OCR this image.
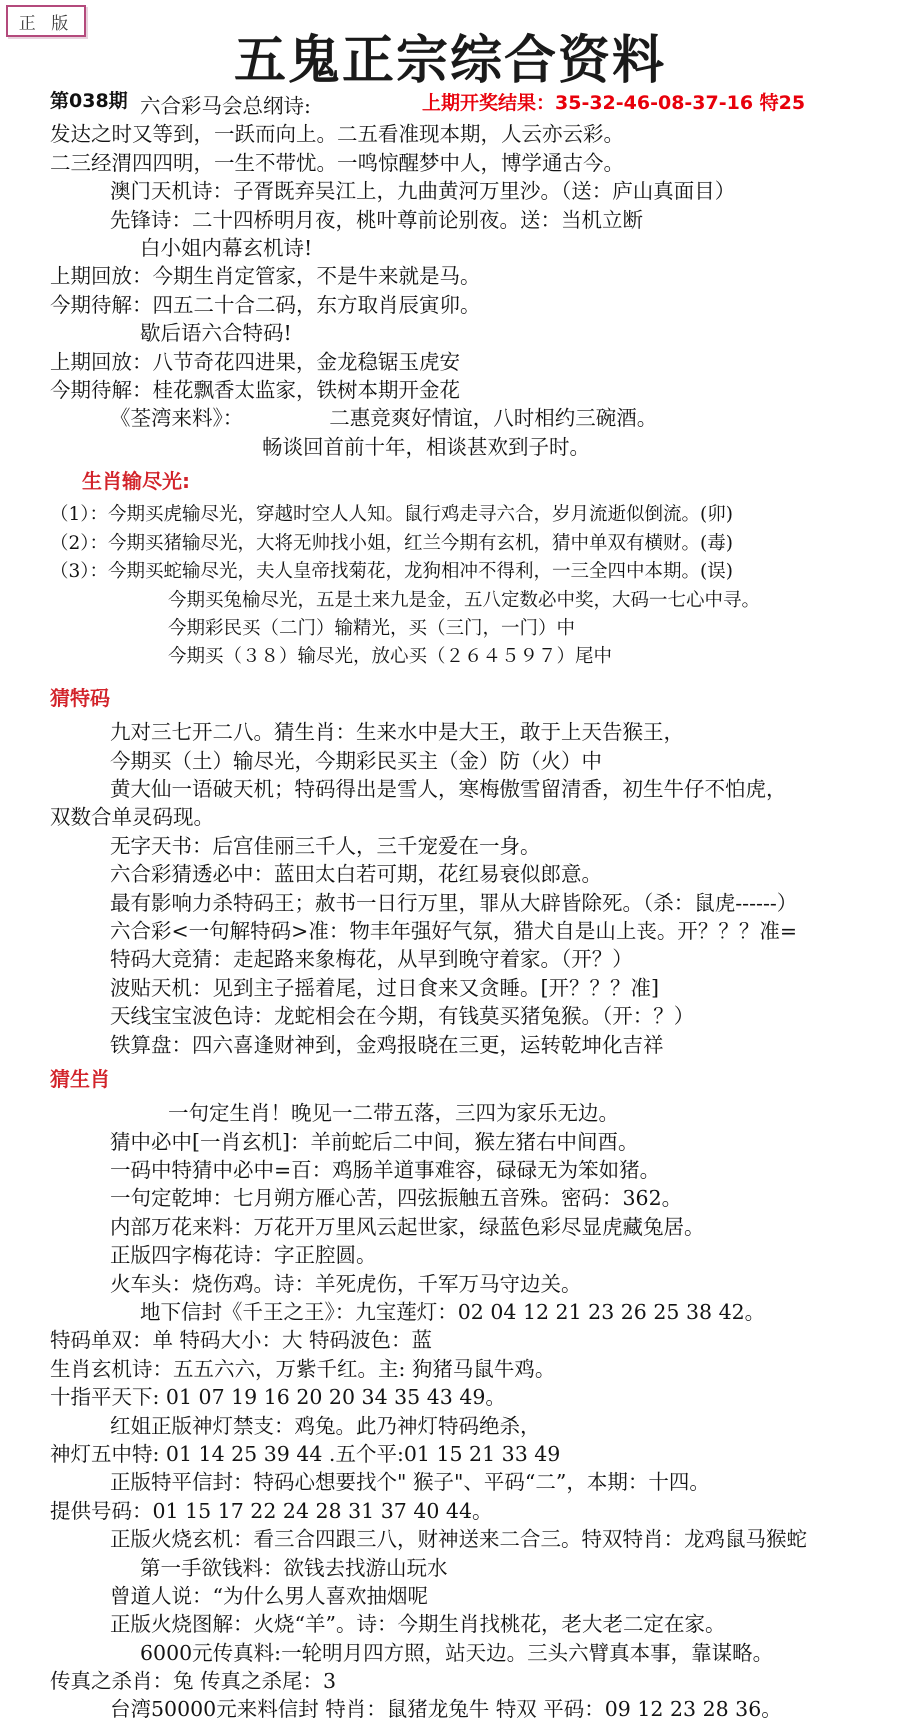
正 版
五鬼正宗综合资料
第038期	上期开奖结果：35-32-46-08-37-16 特25
六合彩马会总纲诗:
发达之时又等到，一跃而向上。二五看准现本期，人云亦云彩。
二三经渭四四明，一生不带忧。一鸣惊醒梦中人，博学通古今。
澳门天机诗：子胥既弃吴江上，九曲黄河万里沙。（送：庐山真面目）
先锋诗：二十四桥明月夜，桃叶尊前论别夜。送：当机立断
白小姐内幕玄机诗!
上期回放：今期生肖定管家，不是牛来就是马。
今期待解：四五二十合二码，东方取肖辰寅卯。
歇后语六合特码!
上期回放：八节奇花四进果，金龙稳锯玉虎安
今期待解：桂花飘香太监家，铁树本期开金花
《荃湾来料》：	二惠竞爽好情谊，八时相约三碗酒。
畅谈回首前十年，相谈甚欢到子时。
生肖输尽光:
（1）：今期买虎输尽光，穿越时空人人知。鼠行鸡走寻六合，岁月流逝似倒流。(卯)
（2）：今期买猪输尽光，大将无帅找小姐，红兰今期有玄机，猜中单双有横财。(毒)
（3）：今期买蛇输尽光，夫人皇帝找菊花，龙狗相冲不得利，一三全四中本期。(误)
今期买兔榆尽光，五是土来九是金，五八定数必中奖，大码一七心中寻。
今期彩民买（二门）输精光，买（三门，一门）中
今期买（３８）输尽光，放心买（２６４５９７）尾中
猜特码
九对三七开二八。猜生肖：生来水中是大王，敢于上天告猴王，
今期买（土）输尽光，今期彩民买主（金）防（火）中
黄大仙一语破天机；特码得出是雪人，寒梅傲雪留清香，初生牛仔不怕虎，
双数合单灵码现。
无字天书：后宫佳丽三千人，三千宠爱在一身。
六合彩猜透必中：蓝田太白若可期，花红易衰似郎意。
最有影响力杀特码王；赦书一日行万里，罪从大辟皆除死。（杀：鼠虎------）
六合彩<一句解特码>准：物丰年强好气氛，猎犬自是山上丧。开？？？准=
特码大竞猜：走起路来象梅花，从早到晚守着家。（开？）
波贴天机：见到主子摇着尾，过日食来又贪睡。[开？？？准]
天线宝宝波色诗：龙蛇相会在今期，有钱莫买猪兔猴。（开：？）
铁算盘：四六喜逢财神到，金鸡报晓在三更，运转乾坤化吉祥
猜生肖
一句定生肖！晚见一二带五落，三四为家乐无边。
猜中必中[一肖玄机]：羊前蛇后二中间，猴左猪右中间酉。
一码中特猜中必中=百：鸡肠羊道事难容，碌碌无为笨如猪。
一句定乾坤：七月朔方雁心苦，四弦振触五音殊。密码：362。
内部万花来料：万花开万里风云起世家，绿蓝色彩尽显虎藏兔居。
正版四字梅花诗：字正腔圆。
火车头：烧伤鸡。诗：羊死虎伤，千军万马守边关。
地下信封《千王之王》：九宝莲灯：02 04 12 21 23 26 25 38 42。
特码单双：单 特码大小：大 特码波色：蓝
生肖玄机诗：五五六六，万紫千红。主: 狗猪马鼠牛鸡。
十指平天下: 01 07 19 16 20 20 34 35 43 49。
红姐正版神灯禁支：鸡兔。此乃神灯特码绝杀，
神灯五中特: 01 14 25 39 44 .五个平:01 15 21 33 49
正版特平信封：特码心想要找个" 猴子"、平码“二”，本期：十四。
提供号码：01 15 17 22 24 28 31 37 40 44。
正版火烧玄机：看三合四跟三八，财神送来二合三。特双特肖：龙鸡鼠马猴蛇
第一手欲钱料：欲钱去找游山玩水
曾道人说：“为什么男人喜欢抽烟呢
正版火烧图解：火烧“羊”。诗：今期生肖找桃花，老大老二定在家。
6000元传真料:一轮明月四方照，站天边。三头六臂真本事，靠谋略。
传真之杀肖：兔 传真之杀尾：3
台湾50000元来料信封 特肖：鼠猪龙兔牛 特双 平码：09 12 23 28 36。
